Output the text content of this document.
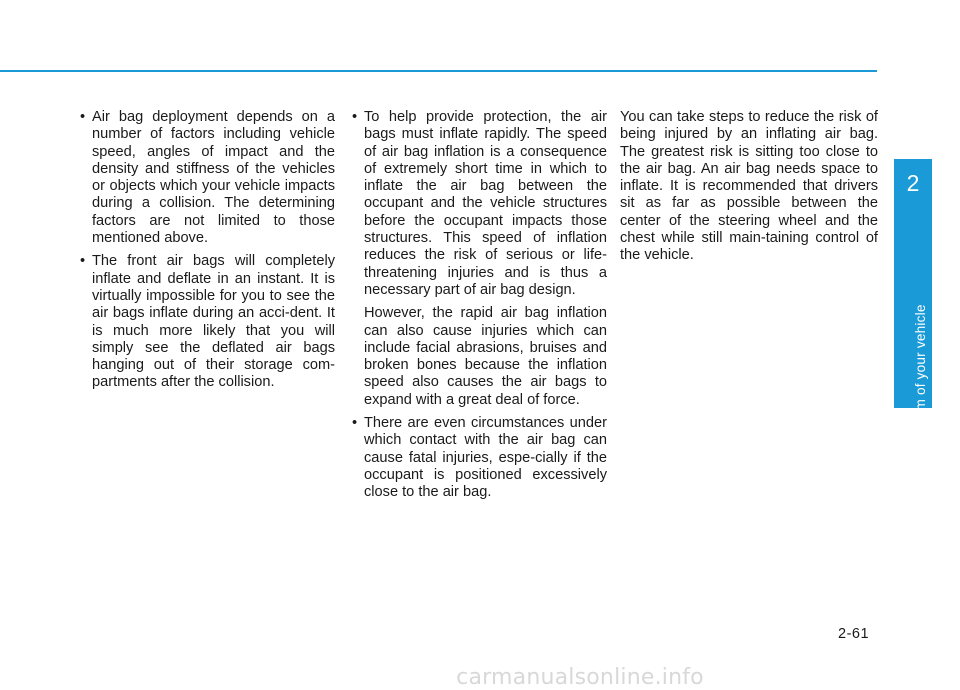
• Air bag deployment depends on a number of factors including vehicle speed, angles of impact and the density and stiffness of the vehicles or objects which your vehicle impacts during a collision. The determining factors are not limited to those mentioned above.
• The front air bags will completely inflate and deflate in an instant. It is virtually impossible for you to see the air bags inflate during an acci-dent. It is much more likely that you will simply see the deflated air bags hanging out of their storage com-partments after the collision.
• To help provide protection, the air bags must inflate rapidly. The speed of air bag inflation is a consequence of extremely short time in which to inflate the air bag between the occupant and the vehicle structures before the occupant impacts those structures. This speed of inflation reduces the risk of serious or life-threatening injuries and is thus a necessary part of air bag design.

However, the rapid air bag inflation can also cause injuries which can include facial abrasions, bruises and broken bones because the inflation speed also causes the air bags to expand with a great deal of force.

• There are even circumstances under which contact with the air bag can cause fatal injuries, espe-cially if the occupant is positioned excessively close to the air bag.

You can take steps to reduce the risk of being injured by an inflating air bag. The greatest risk is sitting too close to the air bag. An air bag needs space to inflate. It is recommended that drivers sit as far as possible between the center of the steering wheel and the chest while still main-taining control of the vehicle.

2
Safety system of your vehicle
2-61
carmanualsonline.info
